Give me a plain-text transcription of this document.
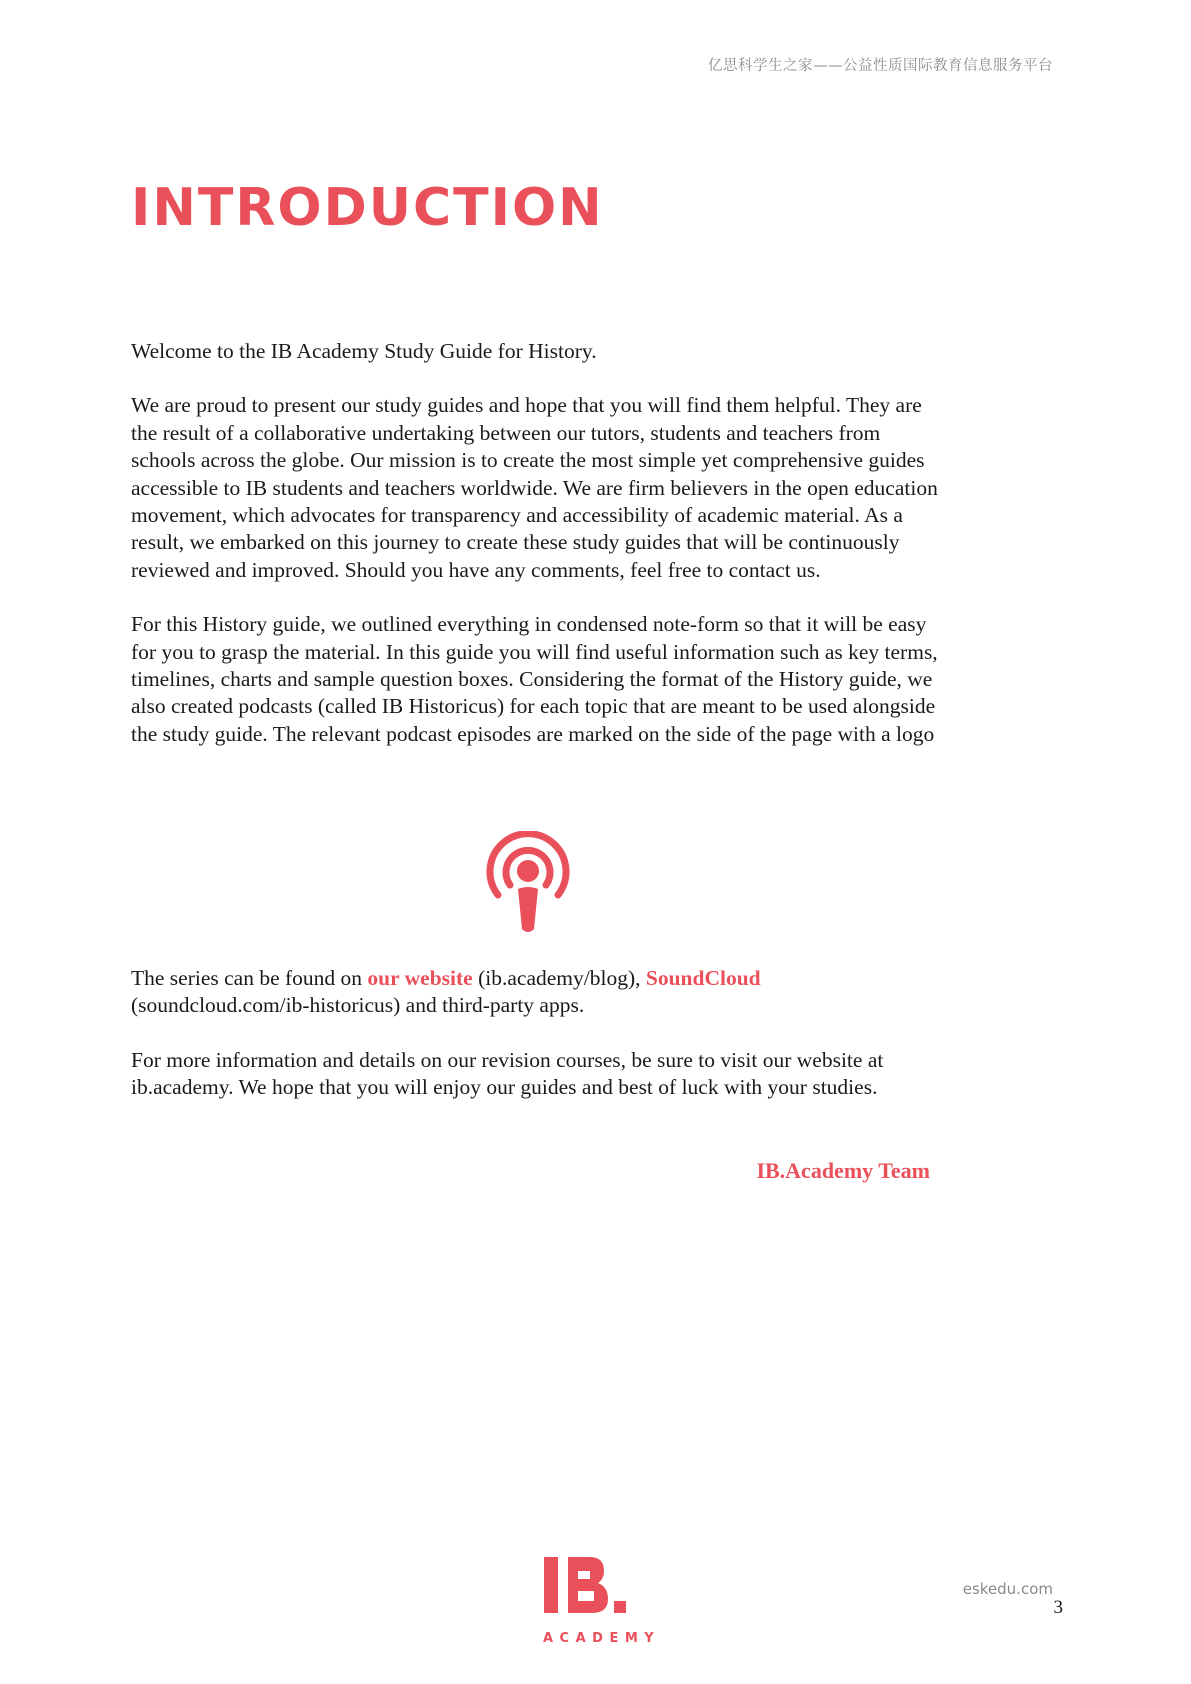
亿思科学生之家——公益性质国际教育信息服务平台
INTRODUCTION

Welcome to the IB Academy Study Guide for History.

We are proud to present our study guides and hope that you will find them helpful. They are the result of a collaborative undertaking between our tutors, students and teachers from schools across the globe. Our mission is to create the most simple yet comprehensive guides accessible to IB students and teachers worldwide. We are firm believers in the open education movement, which advocates for transparency and accessibility of academic material. As a result, we embarked on this journey to create these study guides that will be continuously reviewed and improved. Should you have any comments, feel free to contact us.

For this History guide, we outlined everything in condensed note-form so that it will be easy for you to grasp the material. In this guide you will find useful information such as key terms, timelines, charts and sample question boxes. Considering the format of the History guide, we also created podcasts (called IB Historicus) for each topic that are meant to be used alongside the study guide. The relevant podcast episodes are marked on the side of the page with a logo

The series can be found on our website (ib.academy/blog), SoundCloud (soundcloud.com/ib-historicus) and third-party apps.

For more information and details on our revision courses, be sure to visit our website at ib.academy. We hope that you will enjoy our guides and best of luck with your studies.

IB.Academy Team
ACADEMY
eskedu.com
3
